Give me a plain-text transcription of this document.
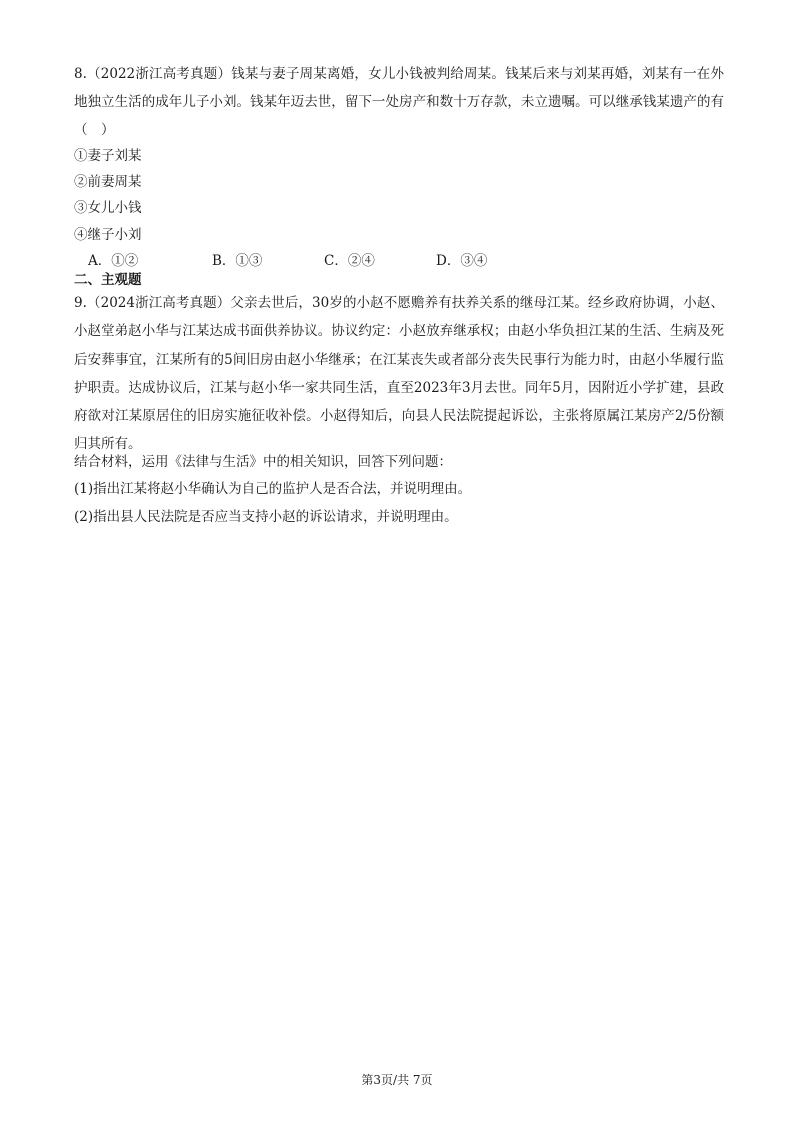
8.（2022浙江高考真题）钱某与妻子周某离婚，女儿小钱被判给周某。钱某后来与刘某再婚，刘某有一在外地独立生活的成年儿子小刘。钱某年迈去世，留下一处房产和数十万存款，未立遗嘱。可以继承钱某遗产的有（　）
①妻子刘某
②前妻周某
③女儿小钱
④继子小刘
A．①②	B．①③	C．②④	D．③④
二、主观题
9.（2024浙江高考真题）父亲去世后，30岁的小赵不愿赡养有扶养关系的继母江某。经乡政府协调，小赵、小赵堂弟赵小华与江某达成书面供养协议。协议约定：小赵放弃继承权；由赵小华负担江某的生活、生病及死后安葬事宜，江某所有的5间旧房由赵小华继承；在江某丧失或者部分丧失民事行为能力时，由赵小华履行监护职责。达成协议后，江某与赵小华一家共同生活，直至2023年3月去世。同年5月，因附近小学扩建，县政府欲对江某原居住的旧房实施征收补偿。小赵得知后，向县人民法院提起诉讼，主张将原属江某房产2/5份额归其所有。
结合材料，运用《法律与生活》中的相关知识，回答下列问题：
(1)指出江某将赵小华确认为自己的监护人是否合法，并说明理由。
(2)指出县人民法院是否应当支持小赵的诉讼请求，并说明理由。
第3页/共 7页
